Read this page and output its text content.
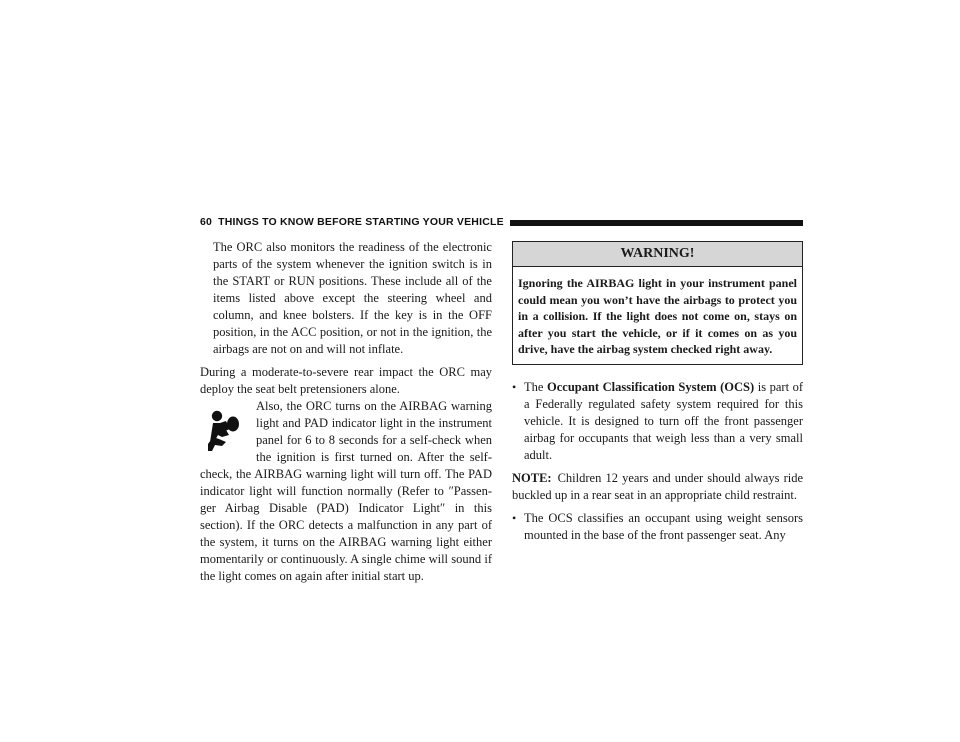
60 THINGS TO KNOW BEFORE STARTING YOUR VEHICLE

The ORC also monitors the readiness of the electronic parts of the system whenever the ignition switch is in the START or RUN positions. These include all of the items listed above except the steering wheel and column, and knee bolsters. If the key is in the OFF position, in the ACC position, or not in the ignition, the airbags are not on and will not inflate.

During a moderate-to-severe rear impact the ORC may deploy the seat belt pretensioners alone.

Also, the ORC turns on the AIRBAG warning light and PAD indicator light in the instrument panel for 6 to 8 seconds for a self-check when the ignition is first turned on. After the self-check, the AIRBAG warning light will turn off. The PAD indicator light will function normally (Refer to ″Passen-ger Airbag Disable (PAD) Indicator Light″ in this section). If the ORC detects a malfunction in any part of the system, it turns on the AIRBAG warning light either momentarily or continuously. A single chime will sound if the light comes on again after initial start up.

WARNING!
Ignoring the AIRBAG light in your instrument panel could mean you won’t have the airbags to protect you in a collision. If the light does not come on, stays on after you start the vehicle, or if it comes on as you drive, have the airbag system checked right away.
• The Occupant Classification System (OCS) is part of a Federally regulated safety system required for this vehicle. It is designed to turn off the front passenger airbag for occupants that weigh less than a very small adult.

NOTE: Children 12 years and under should always ride buckled up in a rear seat in an appropriate child restraint.

• The OCS classifies an occupant using weight sensors mounted in the base of the front passenger seat. Any
